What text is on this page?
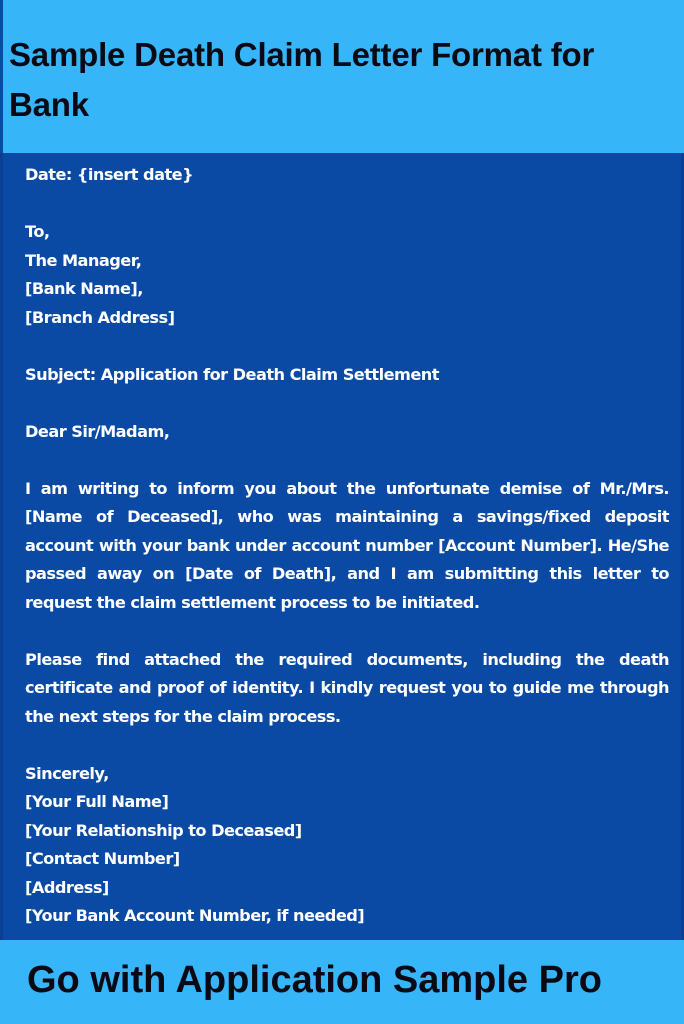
Sample Death Claim Letter Format for Bank
Date: {insert date}
To,
The Manager,
[Bank Name],
[Branch Address]
Subject: Application for Death Claim Settlement
Dear Sir/Madam,
I am writing to inform you about the unfortunate demise of Mr./Mrs. [Name of Deceased], who was maintaining a savings/fixed deposit account with your bank under account number [Account Number]. He/She passed away on [Date of Death], and I am submitting this letter to request the claim settlement process to be initiated.
Please find attached the required documents, including the death certificate and proof of identity. I kindly request you to guide me through the next steps for the claim process.
Sincerely,
[Your Full Name]
[Your Relationship to Deceased]
[Contact Number]
[Address]
[Your Bank Account Number, if needed]
Go with Application Sample Pro
